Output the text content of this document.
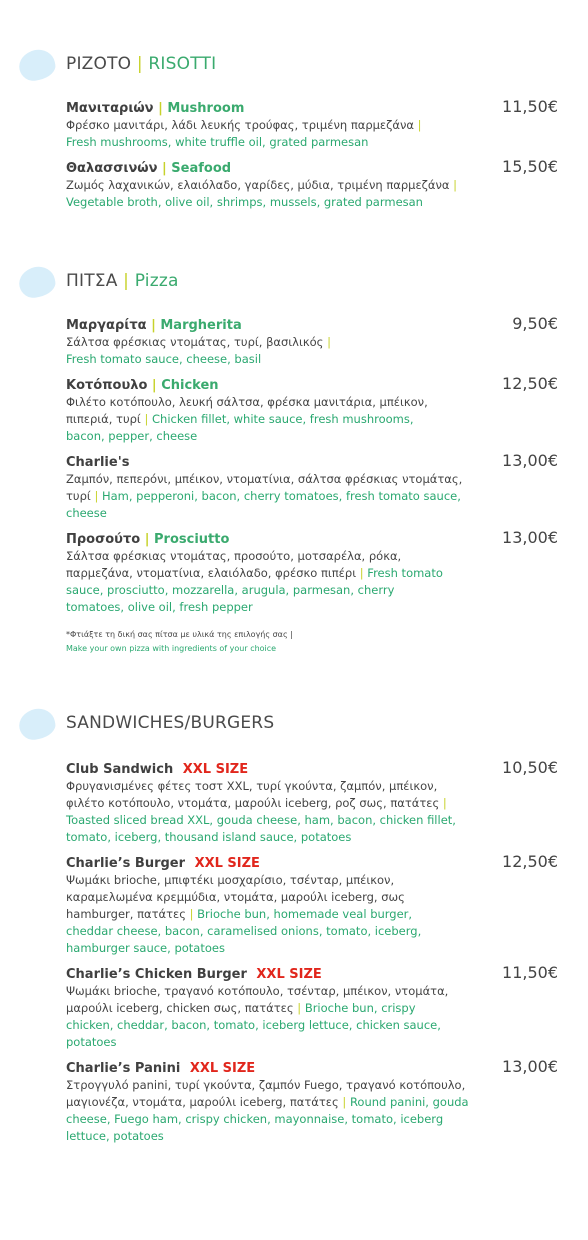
ΡΙΖΟΤΟ | RISOTTI
Μανιταριών | Mushroom	11,50€
Φρέσκο μανιτάρι, λάδι λευκής τρούφας, τριμένη παρμεζάνα |
Fresh mushrooms, white truffle oil, grated parmesan
Θαλασσινών | Seafood	15,50€
Ζωμός λαχανικών, ελαιόλαδο, γαρίδες, μύδια, τριμένη παρμεζάνα |
Vegetable broth, olive oil, shrimps, mussels, grated parmesan
ΠΙΤΣΑ | Pizza
Μαργαρίτα | Margherita	9,50€
Σάλτσα φρέσκιας ντομάτας, τυρί, βασιλικός |
Fresh tomato sauce, cheese, basil
Κοτόπουλο | Chicken	12,50€
Φιλέτο κοτόπουλο, λευκή σάλτσα, φρέσκα μανιτάρια, μπέικον, πιπεριά, τυρί | Chicken fillet, white sauce, fresh mushrooms, bacon, pepper, cheese
Charlie's	13,00€
Ζαμπόν, πεπερόνι, μπέικον, ντοματίνια, σάλτσα φρέσκιας ντομάτας, τυρί | Ham, pepperoni, bacon, cherry tomatoes, fresh tomato sauce, cheese
Προσούτο | Prosciutto	13,00€
Σάλτσα φρέσκιας ντομάτας, προσούτο, μοτσαρέλα, ρόκα, παρμεζάνα, ντοματίνια, ελαιόλαδο, φρέσκο πιπέρι | Fresh tomato sauce, prosciutto, mozzarella, arugula, parmesan, cherry tomatoes, olive oil, fresh pepper
*Φτιάξτε τη δική σας πίτσα με υλικά της επιλογής σας |
Make your own pizza with ingredients of your choice
SANDWICHES/BURGERS
Club Sandwich XXL SIZE	10,50€
Φρυγανισμένες φέτες τοστ XXL, τυρί γκούντα, ζαμπόν, μπέικον, φιλέτο κοτόπουλο, ντομάτα, μαρούλι iceberg, ροζ σως, πατάτες | Toasted sliced bread XXL, gouda cheese, ham, bacon, chicken fillet, tomato, iceberg, thousand island sauce, potatoes
Charlie’s Burger XXL SIZE	12,50€
Ψωμάκι brioche, μπιφτέκι μοσχαρίσιο, τσένταρ, μπέικον, καραμελωμένα κρεμμύδια, ντομάτα, μαρούλι iceberg, σως hamburger, πατάτες | Brioche bun, homemade veal burger, cheddar cheese, bacon, caramelised onions, tomato, iceberg, hamburger sauce, potatoes
Charlie’s Chicken Burger XXL SIZE	11,50€
Ψωμάκι brioche, τραγανό κοτόπουλο, τσένταρ, μπέικον, ντομάτα, μαρούλι iceberg, chicken σως, πατάτες | Brioche bun, crispy chicken, cheddar, bacon, tomato, iceberg lettuce, chicken sauce, potatoes
Charlie’s Panini XXL SIZE	13,00€
Στρογγυλό panini, τυρί γκούντα, ζαμπόν Fuego, τραγανό κοτόπουλο, μαγιονέζα, ντομάτα, μαρούλι iceberg, πατάτες | Round panini, gouda cheese, Fuego ham, crispy chicken, mayonnaise, tomato, iceberg lettuce, potatoes
